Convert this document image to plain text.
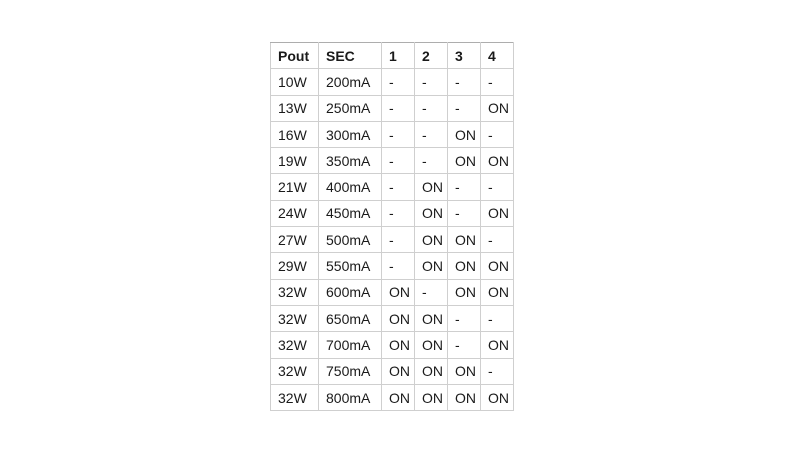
Pout	SEC	1	2	3	4
10W	200mA	-	-	-	-
13W	250mA	-	-	-	ON
16W	300mA	-	-	ON	-
19W	350mA	-	-	ON	ON
21W	400mA	-	ON	-	-
24W	450mA	-	ON	-	ON
27W	500mA	-	ON	ON	-
29W	550mA	-	ON	ON	ON
32W	600mA	ON	-	ON	ON
32W	650mA	ON	ON	-	-
32W	700mA	ON	ON	-	ON
32W	750mA	ON	ON	ON	-
32W	800mA	ON	ON	ON	ON
